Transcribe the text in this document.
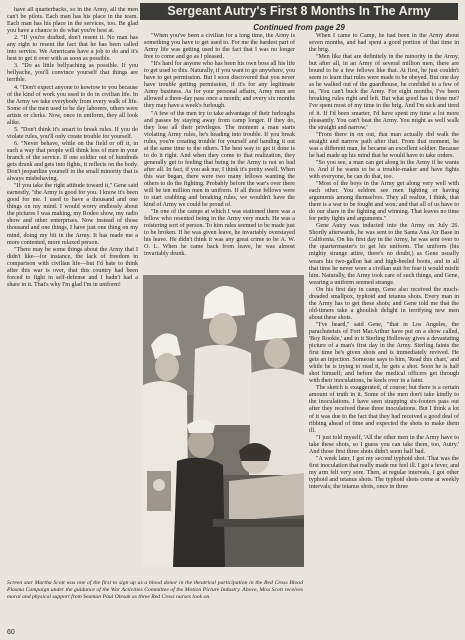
Sergeant Autry's First 8 Months In The Army
Continued from page 29

have all quarterbacks, so in the Army, all the men can't be pilots. Each man has his place in the team. Each man has his place in the services, too. Be glad you have a chance to do what you're best at.

2. "If you're drafted, don't resent it. No man has any right to resent the fact that he has been called into service. We Americans have a job to do and it's best to get it over with as soon as possible.

3. "Do as little bellyaching as possible. If you bellyache, you'll convince yourself that things are terrible.

4. "Don't expect anyone to kowtow to you because of the kind of work you used to do in civilian life. In the Army we take everybody from every walk of life. Some of the men used to be day laborers, others were artists or clerks. Now, once in uniform, they all look alike.

5. "Don't think it's smart to break rules. If you do violate rules, you'll only create trouble for yourself.

6. "Never behave, while on the field or off it, in such a way that people will think less of men in your branch of the service. If one soldier out of hundreds gets drunk and gets into fights, it reflects on the body. Don't jeopardize yourself in the small minority that is always misbehaving.

"If you take the right attitude toward it," Gene said earnestly, "the Army is good for you. I know it's been good for me. I used to have a thousand and one things on my mind. I would worry endlessly about the pictures I was making, my Rodeo show, my radio show and other enterprises. Now instead of those thousand and one things, I have just one thing on my mind, doing my bit in the Army. It has made me a more contented, more relaxed person.

"There may be some things about the Army that I didn't like—for instance, the lack of freedom in comparison with civilian life—but I'd hate to think after this war is over, that this country had been forced to fight in self-defense and I hadn't had a share in it. That's why I'm glad I'm in uniform!

"When you've been a civilian for a long time, the Army is something you have to get used to. For me the hardest part of Army life was getting used to the fact that I was no longer free to come and go as I pleased.

"It's hard for anyone who has been his own boss all his life to get used to this. Naturally, if you want to go anywhere, you have to get permission. But I soon discovered that you never have trouble getting permission, if it's for any legitimate Army business. As for your personal affairs, Army men are allowed a three-day pass once a month; and every six months they may have a week's furlough.

"A few of the men try to take advantage of their furloughs and passes by staying away from camp longer. If they do, they lose all their privileges. The moment a man starts violating Army rules, he's heading into trouble. If you break rules, you're creating trouble for yourself and handing it out at the same time to the others. The best way to get it done is to do it right. And when they come to that realization, they generally get to feeling that being in the Army is not so bad after all. In fact, if you ask me, I think it's pretty swell. When this war began, there were two many fellows wanting the others to do the fighting. Probably before the war's over there will be ten million men in uniform. If all those fellows were to start crabbing and breaking rules, we wouldn't have the kind of Army we could be proud of.

"In one of the camps at which I was stationed there was a fellow who resented being in the Army very much. He was a roistering sort of person. To him rules seemed to be made just to be broken. If he was given leave, he invariably overstayed his leave. He didn't think it was any great crime to be A. W. O. L. When he came back from leave, he was almost invariably drunk.

When I came to Camp, he had been in the Army about seven months, and had spent a good portion of that time in the brig.

"Men like that are definitely in the minority in the Army, but after all, in an Army of several million men, there are bound to be a few fellows like that. At first, he just couldn't seem to learn that rules were made to be obeyed. But one day as he walked out of the guardhouse, he confided to a few of us, 'You can't buck the Army. For eight months, I've been breaking rules right and left. But what good has it done me? I've spent most of my time in the brig. And I'm sick and tired of it. If I'd been smarter, I'd have spent my time a lot more pleasantly. You can't beat the Army. You might as well walk the straight and narrow.'

"From there in on out, that man actually did walk the straight and narrow path after that. From that moment, he was a different man, he became an excellent soldier. Because he had made up his mind that he would have to take orders.

"So you see, a man can get along in the Army if he wants to. And if he wants to be a trouble-maker and have fights with everyone, he can do that, too.

"Most of the boys in the Army get along very well with each other. You seldom see men fighting or having arguments among themselves. They all realize, I think, that there is a war to be fought and won; and that all of us have to do our share in the fighting and winning. That leaves no time for petty fights and arguments."

Gene Autry was inducted into the Army on July 26. Shortly afterwards, he was sent to the Santa Ana Air Base in California. On his first day in the Army, he was sent over to the quartermaster's to get his uniform. The uniform (his mighty strange attire, there's no doubt,) as Gene usually wears his two-gallon hat and high-heeled boots, and in all that time he never wore a civilian suit for fear it would misfit him. Naturally, the Army took care of such things, and Gene, wearing a uniform seemed strange.

On his first day in camp, Gene also received the much-dreaded smallpox, typhoid and tetanus shots. Every man in the Army has to get these shots; and Gene told me that the old-timers take a ghoulish delight in terrifying new men about these shots.

"I've heard," said Gene, "that in Los Angeles, the parachuteists of Fort MacArthur have put on a show called, 'Boy Rookie,' and in it Sterling Holloway gives a devastating picture of a man's first day in the Army. Sterling faints the first time he's given shots and is immediately revived. He gets an injection. Someone says to him, 'Read this chart,' and while he is trying to read it, he gets a shot. Soon he is half shot himself; and before the medical officers get through with their inoculations, he keels over in a faint.

The sketch is exaggerated, of course; but there is a certain amount of truth in it. Some of the men don't take kindly to the inoculations. I have seen strapping six-footers pass out after they received these three inoculations. But I think a lot of it was due to the fact that they had received a good deal of ribbing ahead of time and expected the shots to make them ill.

"I just told myself, 'All the other men in the Army have to take these shots, so I guess you can take them, too, Autry.' And those first three shots didn't seem half bad.

"A week later, I got my second typhoid shot. That was the first inoculation that really made me feel ill. I got a fever, and my arm felt very sore. Then, at regular intervals, I got other typhoid and tetanus shots. The typhoid shots come at weekly intervals; the tetanus shots, once in three

Screen star Martha Scott was one of the first to sign up as a blood donor in the theatrical participation in the Red Cross Blood Plasma Campaign under the guidance of the War Activities Committee of the Motion Picture Industry. Above, Miss Scott receives moral and physical support from Seaman Paul Olesak as three Red Cross nurses look on.
60
